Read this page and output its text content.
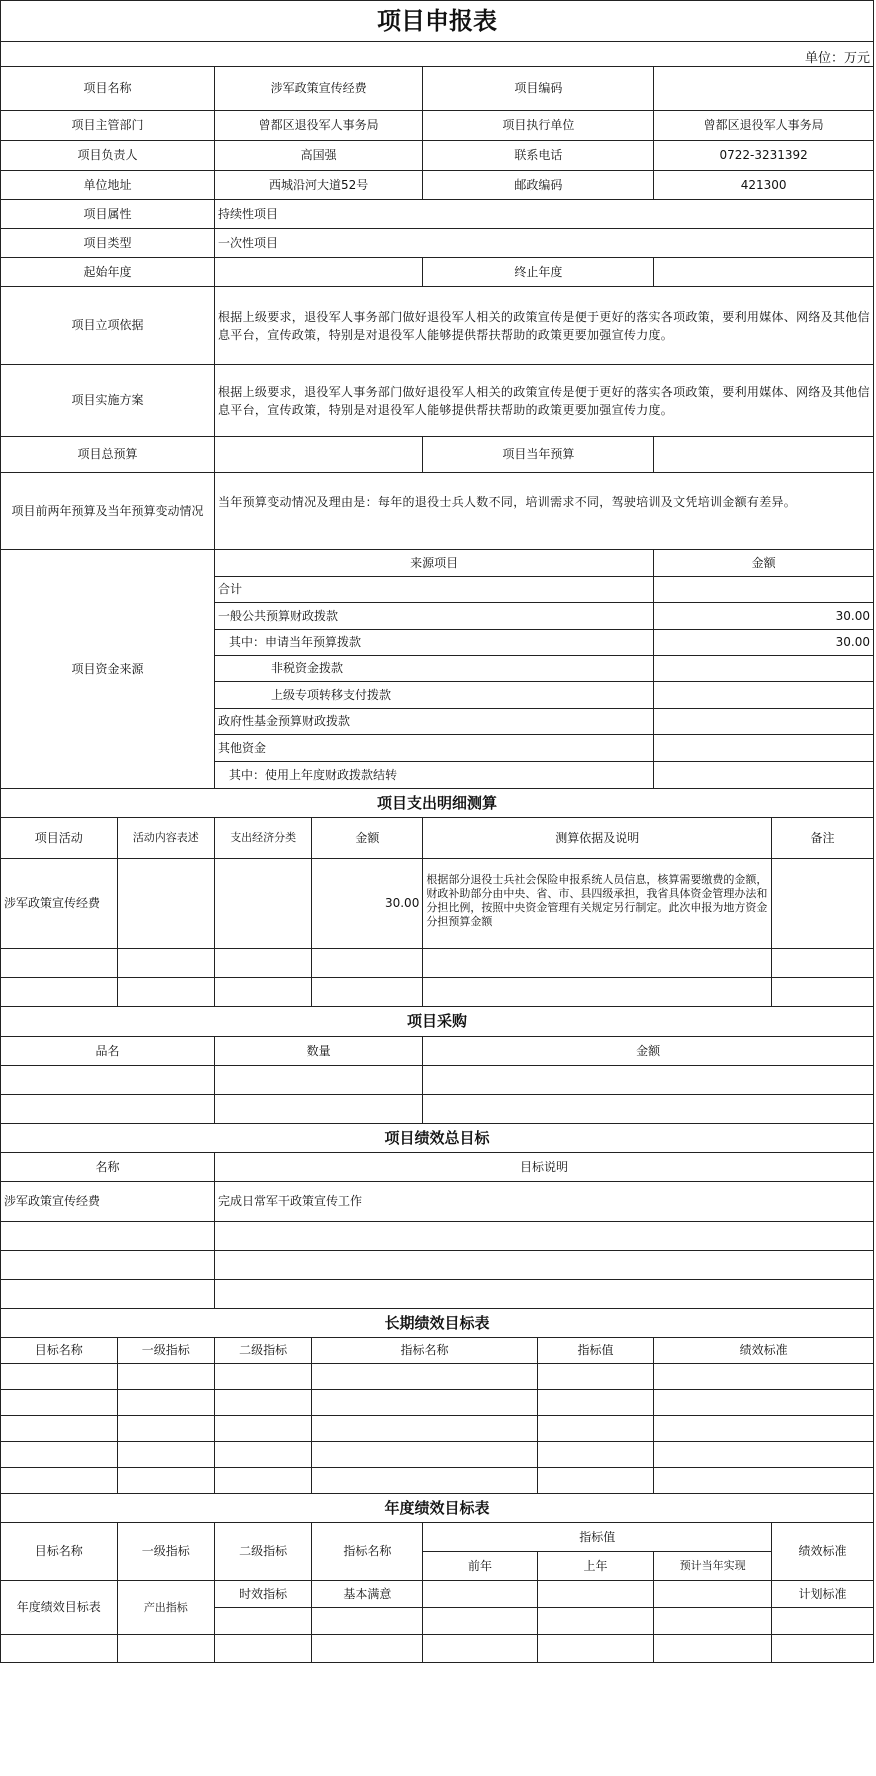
项目申报表							
单位：万元							
项目名称		涉军政策宣传经费		项目编码			
项目主管部门		曾都区退役军人事务局		项目执行单位		曾都区退役军人事务局	
项目负责人		高国强		联系电话		0722-3231392	
单位地址		西城沿河大道52号		邮政编码		421300	
项目属性		持续性项目					
项目类型		一次性项目					
起始年度				终止年度			
项目立项依据		根据上级要求，退役军人事务部门做好退役军人相关的政策宣传是便于更好的落实各项政策，要利用媒体、网络及其他信息平台，宣传政策，特别是对退役军人能够提供帮扶帮助的政策更要加强宣传力度。					
项目实施方案		根据上级要求，退役军人事务部门做好退役军人相关的政策宣传是便于更好的落实各项政策，要利用媒体、网络及其他信息平台，宣传政策，特别是对退役军人能够提供帮扶帮助的政策更要加强宣传力度。					
项目总预算				项目当年预算			
项目前两年预算及当年预算变动情况		当年预算变动情况及理由是：每年的退役士兵人数不同，培训需求不同，驾驶培训及文凭培训金额有差异。					
项目资金来源		来源项目				金额	
		合计					
		一般公共预算财政拨款				30.00	
		其中：申请当年预算拨款				30.00	
		非税资金拨款					
		上级专项转移支付拨款					
		政府性基金预算财政拨款					
		其他资金					
		其中：使用上年度财政拨款结转					
项目支出明细测算							
项目活动	活动内容表述	支出经济分类	金额	测算依据及说明			备注
涉军政策宣传经费			30.00	根据部分退役士兵社会保险申报系统人员信息，核算需要缴费的金额，财政补助部分由中央、省、市、县四级承担，我省具体资金管理办法和分担比例，按照中央资金管理有关规定另行制定。此次申报为地方资金分担预算金额			

项目采购							
品名		数量		金额			

项目绩效总目标							
名称		目标说明					
涉军政策宣传经费		完成日常军干政策宣传工作					

长期绩效目标表							
目标名称	一级指标	二级指标	指标名称		指标值	绩效标准	

年度绩效目标表							
目标名称	一级指标	二级指标	指标名称	指标值			绩效标准
				前年	上年	预计当年实现	
年度绩效目标表	产出指标	时效指标	基本满意				计划标准
